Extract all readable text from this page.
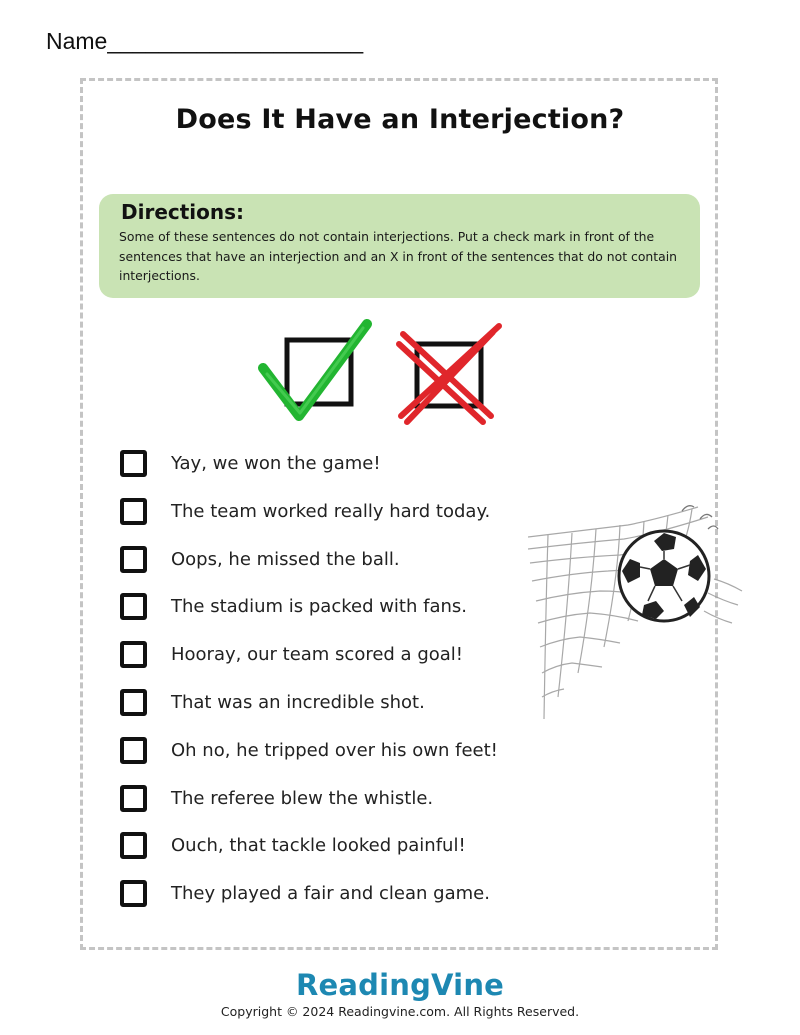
Name____________________
Does It Have an Interjection?
Directions:
Some of these sentences do not contain interjections. Put a check mark in front of the sentences that have an interjection and an X in front of the sentences that do not contain interjections.
Yay, we won the game!
The team worked really hard today.
Oops, he missed the ball.
The stadium is packed with fans.
Hooray, our team scored a goal!
That was an incredible shot.
Oh no, he tripped over his own feet!
The referee blew the whistle.
Ouch, that tackle looked painful!
They played a fair and clean game.
ReadingVine
Copyright © 2024 Readingvine.com. All Rights Reserved.
